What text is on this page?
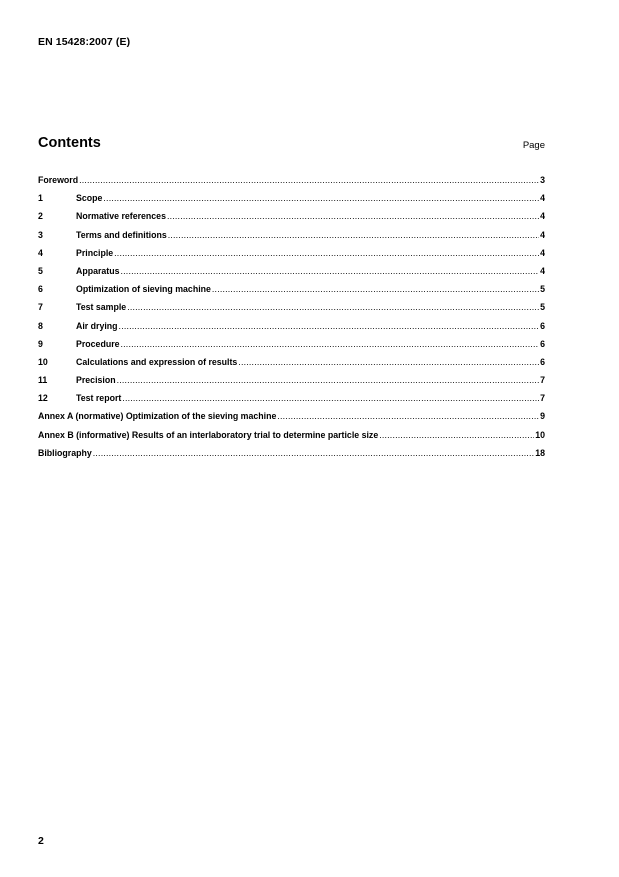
EN 15428:2007 (E)
Contents	Page
Foreword .....	3
1	Scope .....	4
2	Normative references .....	4
3	Terms and definitions .....	4
4	Principle .....	4
5	Apparatus .....	4
6	Optimization of sieving machine .....	5
7	Test sample .....	5
8	Air drying .....	6
9	Procedure .....	6
10	Calculations and expression of results .....	6
11	Precision .....	7
12	Test report .....	7
Annex A (normative) Optimization of the sieving machine .....	9
Annex B (informative) Results of an interlaboratory trial to determine particle size .....	10
Bibliography .....	18
2
